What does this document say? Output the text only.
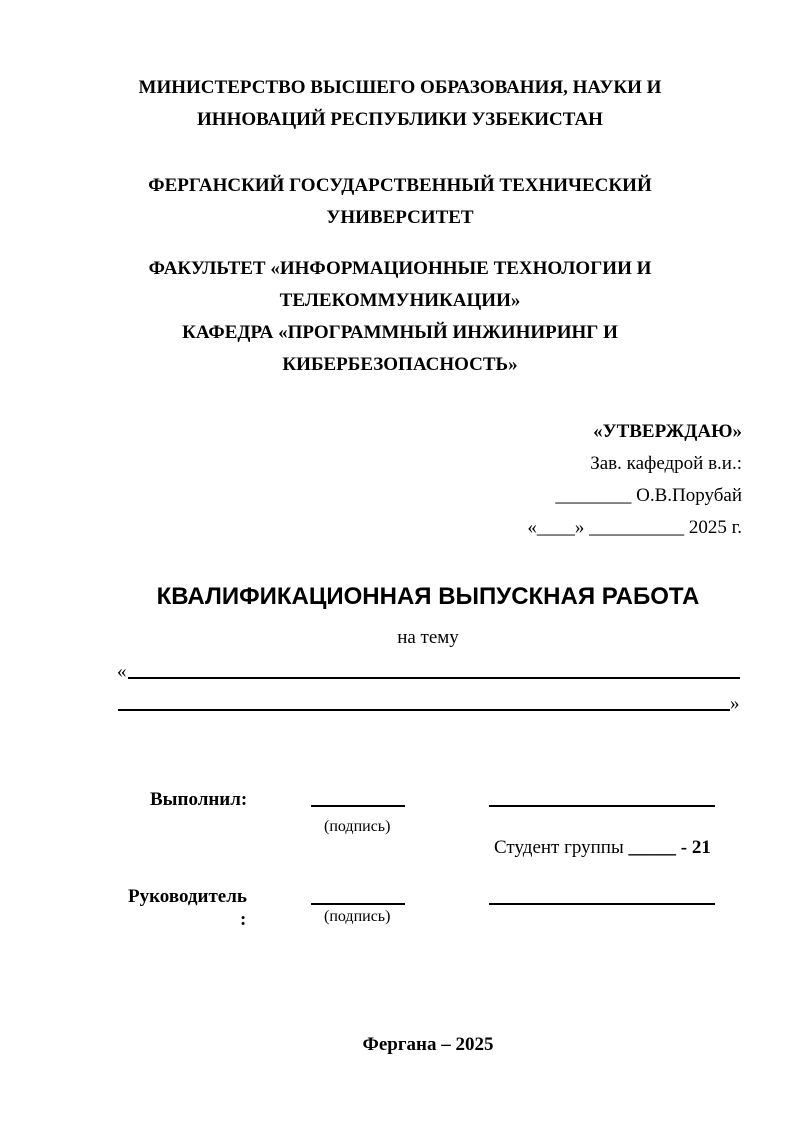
МИНИСТЕРСТВО ВЫСШЕГО ОБРАЗОВАНИЯ, НАУКИ И
ИННОВАЦИЙ РЕСПУБЛИКИ УЗБЕКИСТАН
ФЕРГАНСКИЙ ГОСУДАРСТВЕННЫЙ ТЕХНИЧЕСКИЙ
УНИВЕРСИТЕТ
ФАКУЛЬТЕТ «ИНФОРМАЦИОННЫЕ ТЕХНОЛОГИИ И
ТЕЛЕКОММУНИКАЦИИ»
КАФЕДРА «ПРОГРАММНЫЙ ИНЖИНИРИНГ И
КИБЕРБЕЗОПАСНОСТЬ»
«УТВЕРЖДАЮ»
Зав. кафедрой в.и.:
________ О.В.Порубай
«____» __________ 2025 г.
КВАЛИФИКАЦИОННАЯ ВЫПУСКНАЯ РАБОТА
на тему
«
»
Выполнил:
(подпись)
Студент группы _____ - 21
Руководитель
:	(подпись)
Фергана – 2025
